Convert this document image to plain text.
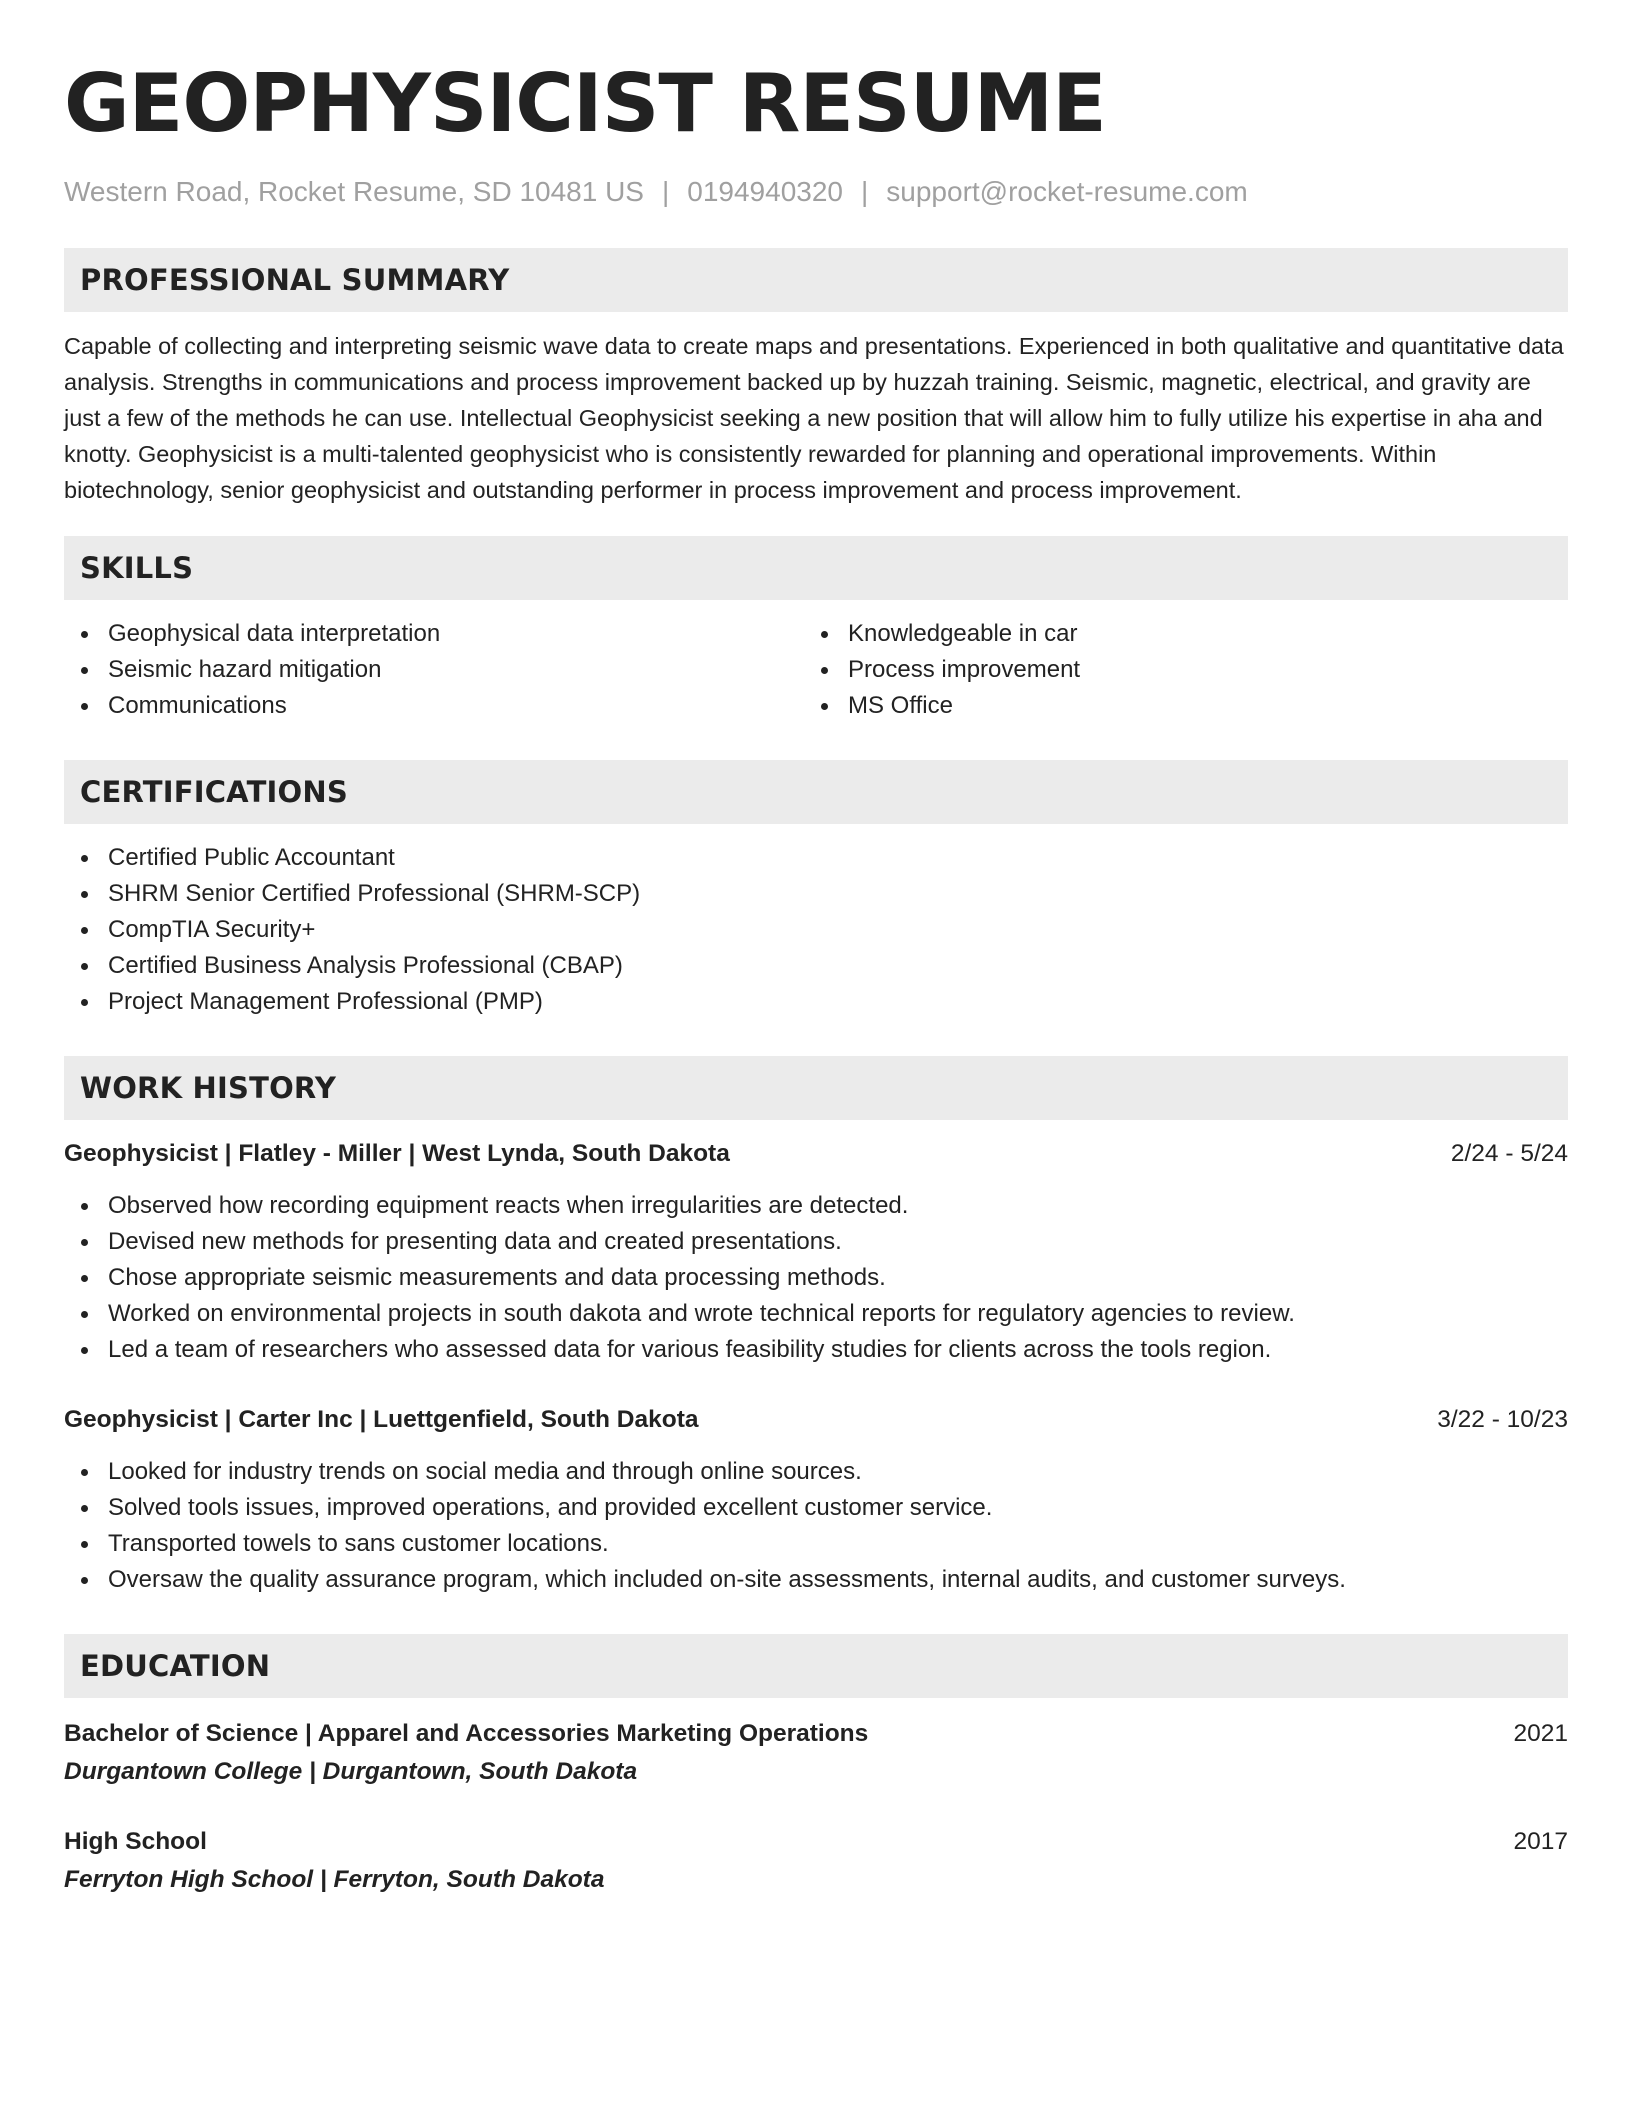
GEOPHYSICIST RESUME
Western Road, Rocket Resume, SD 10481 US | 0194940320 | support@rocket-resume.com
PROFESSIONAL SUMMARY

Capable of collecting and interpreting seismic wave data to create maps and presentations. Experienced in both qualitative and quantitative data analysis. Strengths in communications and process improvement backed up by huzzah training. Seismic, magnetic, electrical, and gravity are just a few of the methods he can use. Intellectual Geophysicist seeking a new position that will allow him to fully utilize his expertise in aha and knotty. Geophysicist is a multi-talented geophysicist who is consistently rewarded for planning and operational improvements. Within biotechnology, senior geophysicist and outstanding performer in process improvement and process improvement.

SKILLS
Geophysical data interpretation
Seismic hazard mitigation
Communications
Knowledgeable in car
Process improvement
MS Office
CERTIFICATIONS
Certified Public Accountant
SHRM Senior Certified Professional (SHRM-SCP)
CompTIA Security+
Certified Business Analysis Professional (CBAP)
Project Management Professional (PMP)
WORK HISTORY
Geophysicist | Flatley - Miller | West Lynda, South Dakota	2/24 - 5/24
Observed how recording equipment reacts when irregularities are detected.
Devised new methods for presenting data and created presentations.
Chose appropriate seismic measurements and data processing methods.
Worked on environmental projects in south dakota and wrote technical reports for regulatory agencies to review.
Led a team of researchers who assessed data for various feasibility studies for clients across the tools region.
Geophysicist | Carter Inc | Luettgenfield, South Dakota	3/22 - 10/23
Looked for industry trends on social media and through online sources.
Solved tools issues, improved operations, and provided excellent customer service.
Transported towels to sans customer locations.
Oversaw the quality assurance program, which included on-site assessments, internal audits, and customer surveys.
EDUCATION
Bachelor of Science | Apparel and Accessories Marketing Operations	2021
Durgantown College | Durgantown, South Dakota
High School	2017
Ferryton High School | Ferryton, South Dakota
